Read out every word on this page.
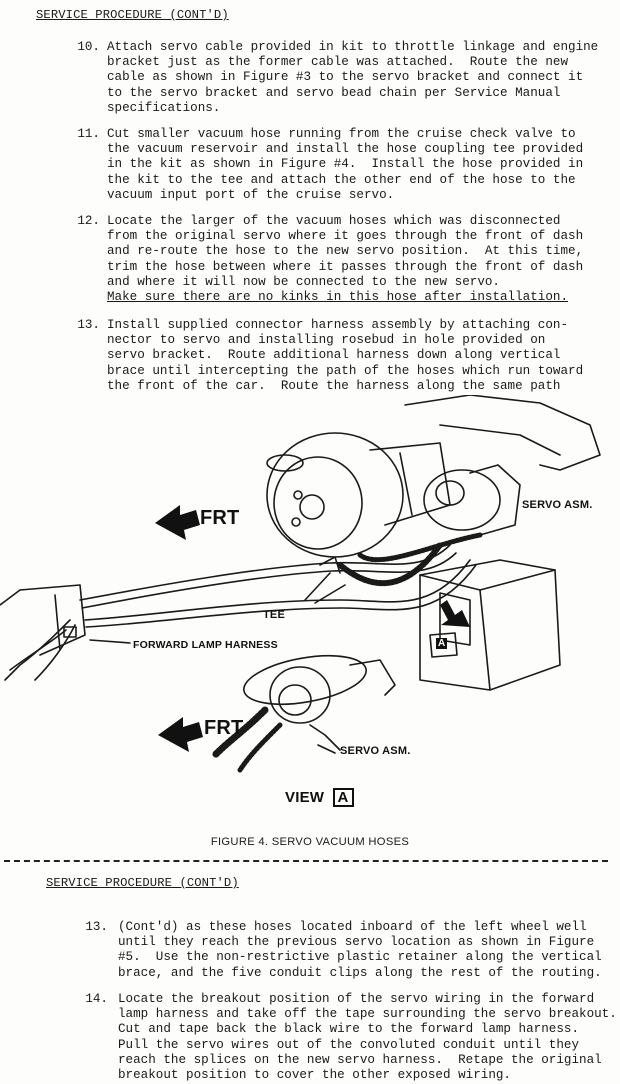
SERVICE PROCEDURE (CONT'D)
10. Attach servo cable provided in kit to throttle linkage and engine
bracket just as the former cable was attached.  Route the new
cable as shown in Figure #3 to the servo bracket and connect it
to the servo bracket and servo bead chain per Service Manual
specifications.
11. Cut smaller vacuum hose running from the cruise check valve to
the vacuum reservoir and install the hose coupling tee provided
in the kit as shown in Figure #4.  Install the hose provided in
the kit to the tee and attach the other end of the hose to the
vacuum input port of the cruise servo.
12. Locate the larger of the vacuum hoses which was disconnected
from the original servo where it goes through the front of dash
and re-route the hose to the new servo position.  At this time,
trim the hose between where it passes through the front of dash
and where it will now be connected to the new servo.
Make sure there are no kinks in this hose after installation.
13. Install supplied connector harness assembly by attaching con-
nector to servo and installing rosebud in hole provided on
servo bracket.  Route additional harness down along vertical
brace until intercepting the path of the hoses which run toward
the front of the car.  Route the harness along the same path
FRT
FRT
SERVO ASM.
SERVO ASM.
TEE
FORWARD LAMP HARNESS	A
VIEW A
FIGURE 4. SERVO VACUUM HOSES
SERVICE PROCEDURE (CONT'D)
13. (Cont'd) as these hoses located inboard of the left wheel well
until they reach the previous servo location as shown in Figure
#5.  Use the non-restrictive plastic retainer along the vertical
brace, and the five conduit clips along the rest of the routing.
14. Locate the breakout position of the servo wiring in the forward
lamp harness and take off the tape surrounding the servo breakout.
Cut and tape back the black wire to the forward lamp harness.
Pull the servo wires out of the convoluted conduit until they
reach the splices on the new servo harness.  Retape the original
breakout position to cover the other exposed wiring.
